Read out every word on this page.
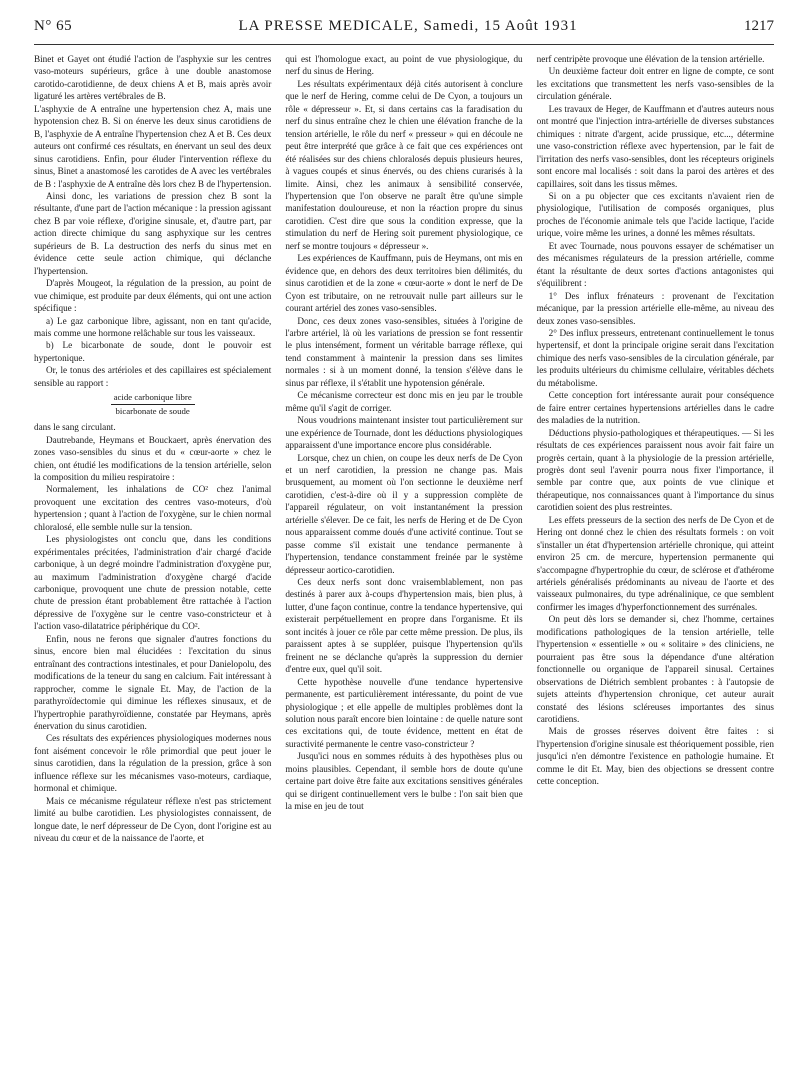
N° 65	LA PRESSE MEDICALE, Samedi, 15 Août 1931	1217

Binet et Gayet ont étudié l'action de l'asphyxie sur les centres vaso-moteurs supérieurs, grâce à une double anastomose carotido-carotidienne, de deux chiens A et B, mais après avoir ligaturé les artères vertébrales de B.

L'asphyxie de A entraîne une hypertension chez A, mais une hypotension chez B. Si on énerve les deux sinus carotidiens de B, l'asphyxie de A entraîne l'hypertension chez A et B. Ces deux auteurs ont confirmé ces résultats, en énervant un seul des deux sinus carotidiens. Enfin, pour éluder l'intervention réflexe du sinus, Binet a anastomosé les carotides de A avec les vertébrales de B : l'asphyxie de A entraîne dès lors chez B de l'hypertension.

Ainsi donc, les variations de pression chez B sont la résultante, d'une part de l'action mécanique : la pression agissant chez B par voie réflexe, d'origine sinusale, et, d'autre part, par action directe chimique du sang asphyxique sur les centres supérieurs de B. La destruction des nerfs du sinus met en évidence cette seule action chimique, qui déclanche l'hypertension.

D'après Mougeot, la régulation de la pression, au point de vue chimique, est produite par deux éléments, qui ont une action spécifique :

a) Le gaz carbonique libre, agissant, non en tant qu'acide, mais comme une hormone relâchable sur tous les vaisseaux.

b) Le bicarbonate de soude, dont le pouvoir est hypertonique.

Or, le tonus des artérioles et des capillaires est spécialement sensible au rapport :

acide carbonique libre
bicarbonate de soude

dans le sang circulant.

Dautrebande, Heymans et Bouckaert, après énervation des zones vaso-sensibles du sinus et du « cœur-aorte » chez le chien, ont étudié les modifications de la tension artérielle, selon la composition du milieu respiratoire :

Normalement, les inhalations de CO² chez l'animal provoquent une excitation des centres vaso-moteurs, d'où hypertension ; quant à l'action de l'oxygène, sur le chien normal chloralosé, elle semble nulle sur la tension.

Les physiologistes ont conclu que, dans les conditions expérimentales précitées, l'administration d'air chargé d'acide carbonique, à un degré moindre l'administration d'oxygène pur, au maximum l'administration d'oxygène chargé d'acide carbonique, provoquent une chute de pression notable, cette chute de pression étant probablement être rattachée à l'action dépressive de l'oxygène sur le centre vaso-constricteur et à l'action vaso-dilatatrice périphérique du CO².

Enfin, nous ne ferons que signaler d'autres fonctions du sinus, encore bien mal élucidées : l'excitation du sinus entraînant des contractions intestinales, et pour Danielopolu, des modifications de la teneur du sang en calcium. Fait intéressant à rapprocher, comme le signale Et. May, de l'action de la parathyroïdectomie qui diminue les réflexes sinusaux, et de l'hypertrophie parathyroïdienne, constatée par Heymans, après énervation du sinus carotidien.

Ces résultats des expériences physiologiques modernes nous font aisément concevoir le rôle primordial que peut jouer le sinus carotidien, dans la régulation de la pression, grâce à son influence réflexe sur les mécanismes vaso-moteurs, cardiaque, hormonal et chimique.

Mais ce mécanisme régulateur réflexe n'est pas strictement limité au bulbe carotidien. Les physiologistes connaissent, de longue date, le nerf dépresseur de De Cyon, dont l'origine est au niveau du cœur et de la naissance de l'aorte, et

qui est l'homologue exact, au point de vue physiologique, du nerf du sinus de Hering.

Les résultats expérimentaux déjà cités autorisent à conclure que le nerf de Hering, comme celui de De Cyon, a toujours un rôle « dépresseur ». Et, si dans certains cas la faradisation du nerf du sinus entraîne chez le chien une élévation franche de la tension artérielle, le rôle du nerf « presseur » qui en découle ne peut être interprété que grâce à ce fait que ces expériences ont été réalisées sur des chiens chloralosés depuis plusieurs heures, à vagues coupés et sinus énervés, ou des chiens curarisés à la limite. Ainsi, chez les animaux à sensibilité conservée, l'hypertension que l'on observe ne paraît être qu'une simple manifestation douloureuse, et non la réaction propre du sinus carotidien. C'est dire que sous la condition expresse, que la stimulation du nerf de Hering soit purement physiologique, ce nerf se montre toujours « dépresseur ».

Les expériences de Kauffmann, puis de Heymans, ont mis en évidence que, en dehors des deux territoires bien délimités, du sinus carotidien et de la zone « cœur-aorte » dont le nerf de De Cyon est tributaire, on ne retrouvait nulle part ailleurs sur le courant artériel des zones vaso-sensibles.

Donc, ces deux zones vaso-sensibles, situées à l'origine de l'arbre artériel, là où les variations de pression se font ressentir le plus intensément, forment un véritable barrage réflexe, qui tend constamment à maintenir la pression dans ses limites normales : si à un moment donné, la tension s'élève dans le sinus par réflexe, il s'établit une hypotension générale.

Ce mécanisme correcteur est donc mis en jeu par le trouble même qu'il s'agit de corriger.

Nous voudrions maintenant insister tout particulièrement sur une expérience de Tournade, dont les déductions physiologiques apparaissent d'une importance encore plus considérable.

Lorsque, chez un chien, on coupe les deux nerfs de De Cyon et un nerf carotidien, la pression ne change pas. Mais brusquement, au moment où l'on sectionne le deuxième nerf carotidien, c'est-à-dire où il y a suppression complète de l'appareil régulateur, on voit instantanément la pression artérielle s'élever. De ce fait, les nerfs de Hering et de De Cyon nous apparaissent comme doués d'une activité continue. Tout se passe comme s'il existait une tendance permanente à l'hypertension, tendance constamment freinée par le système dépresseur aortico-carotidien.

Ces deux nerfs sont donc vraisemblablement, non pas destinés à parer aux à-coups d'hypertension mais, bien plus, à lutter, d'une façon continue, contre la tendance hypertensive, qui existerait perpétuellement en propre dans l'organisme. Et ils sont incités à jouer ce rôle par cette même pression. De plus, ils paraissent aptes à se suppléer, puisque l'hypertension qu'ils freinent ne se déclanche qu'après la suppression du dernier d'entre eux, quel qu'il soit.

Cette hypothèse nouvelle d'une tendance hypertensive permanente, est particulièrement intéressante, du point de vue physiologique ; et elle appelle de multiples problèmes dont la solution nous paraît encore bien lointaine : de quelle nature sont ces excitations qui, de toute évidence, mettent en état de suractivité permanente le centre vaso-constricteur ?

Jusqu'ici nous en sommes réduits à des hypothèses plus ou moins plausibles. Cependant, il semble hors de doute qu'une certaine part doive être faite aux excitations sensitives générales qui se dirigent continuellement vers le bulbe : l'on sait bien que la mise en jeu de tout

nerf centripète provoque une élévation de la tension artérielle.

Un deuxième facteur doit entrer en ligne de compte, ce sont les excitations que transmettent les nerfs vaso-sensibles de la circulation générale.

Les travaux de Heger, de Kauffmann et d'autres auteurs nous ont montré que l'injection intra-artérielle de diverses substances chimiques : nitrate d'argent, acide prussique, etc..., détermine une vaso-constriction réflexe avec hypertension, par le fait de l'irritation des nerfs vaso-sensibles, dont les récepteurs originels sont encore mal localisés : soit dans la paroi des artères et des capillaires, soit dans les tissus mêmes.

Si on a pu objecter que ces excitants n'avaient rien de physiologique, l'utilisation de composés organiques, plus proches de l'économie animale tels que l'acide lactique, l'acide urique, voire même les urines, a donné les mêmes résultats.

Et avec Tournade, nous pouvons essayer de schématiser un des mécanismes régulateurs de la pression artérielle, comme étant la résultante de deux sortes d'actions antagonistes qui s'équilibrent :

1° Des influx frénateurs : provenant de l'excitation mécanique, par la pression artérielle elle-même, au niveau des deux zones vaso-sensibles.

2° Des influx presseurs, entretenant continuellement le tonus hypertensif, et dont la principale origine serait dans l'excitation chimique des nerfs vaso-sensibles de la circulation générale, par les produits ultérieurs du chimisme cellulaire, véritables déchets du métabolisme.

Cette conception fort intéressante aurait pour conséquence de faire entrer certaines hypertensions artérielles dans le cadre des maladies de la nutrition.

Déductions physio-pathologiques et thérapeutiques. — Si les résultats de ces expériences paraissent nous avoir fait faire un progrès certain, quant à la physiologie de la pression artérielle, progrès dont seul l'avenir pourra nous fixer l'importance, il semble par contre que, aux points de vue clinique et thérapeutique, nos connaissances quant à l'importance du sinus carotidien soient des plus restreintes.

Les effets presseurs de la section des nerfs de De Cyon et de Hering ont donné chez le chien des résultats formels : on voit s'installer un état d'hypertension artérielle chronique, qui atteint environ 25 cm. de mercure, hypertension permanente qui s'accompagne d'hypertrophie du cœur, de sclérose et d'athérome artériels généralisés prédominants au niveau de l'aorte et des vaisseaux pulmonaires, du type adrénalinique, ce que semblent confirmer les images d'hyperfonctionnement des surrénales.

On peut dès lors se demander si, chez l'homme, certaines modifications pathologiques de la tension artérielle, telle l'hypertension « essentielle » ou « solitaire » des cliniciens, ne pourraient pas être sous la dépendance d'une altération fonctionnelle ou organique de l'appareil sinusal. Certaines observations de Diétrich semblent probantes : à l'autopsie de sujets atteints d'hypertension chronique, cet auteur aurait constaté des lésions scléreuses importantes des sinus carotidiens.

Mais de grosses réserves doivent être faites : si l'hypertension d'origine sinusale est théoriquement possible, rien jusqu'ici n'en démontre l'existence en pathologie humaine. Et comme le dit Et. May, bien des objections se dressent contre cette conception.
